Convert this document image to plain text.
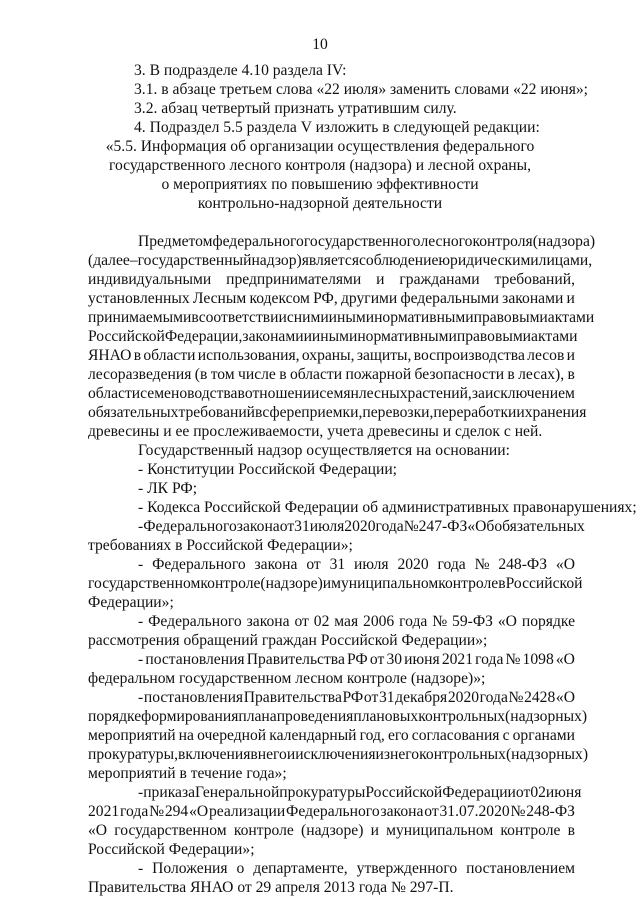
10
3. В подразделе 4.10 раздела IV:
3.1. в абзаце третьем слова «22 июля» заменить словами «22 июня»;
3.2. абзац четвертый признать утратившим силу.
4. Подраздел 5.5 раздела V изложить в следующей редакции:
«5.5. Информация об организации осуществления федерального
государственного лесного контроля (надзора) и лесной охраны,
о мероприятиях по повышению эффективности
контрольно-надзорной деятельности
Предметом федерального государственного лесного контроля (надзора)
(далее – государственный надзор) является соблюдение юридическими лицами,
индивидуальными предпринимателями и гражданами требований,
установленных Лесным кодексом РФ, другими федеральными законами и
принимаемыми в соответствии с ними иными нормативными правовыми актами
Российской Федерации, законами и иными нормативными правовыми актами
ЯНАО в области использования, охраны, защиты, воспроизводства лесов и
лесоразведения (в том числе в области пожарной безопасности в лесах), в
области семеноводства в отношении семян лесных растений, за исключением
обязательных требований в сфере приемки, перевозки, переработки и хранения
древесины и ее прослеживаемости, учета древесины и сделок с ней.
Государственный надзор осуществляется на основании:
- Конституции Российской Федерации;
- ЛК РФ;
- Кодекса Российской Федерации об административных правонарушениях;
- Федерального закона от 31 июля 2020 года № 247-ФЗ «Об обязательных
требованиях в Российской Федерации»;
- Федерального закона от 31 июля 2020 года № 248-ФЗ «О
государственном контроле (надзоре) и муниципальном контроле в Российской
Федерации»;
- Федерального закона от 02 мая 2006 года № 59-ФЗ «О порядке
рассмотрения обращений граждан Российской Федерации»;
- постановления Правительства РФ от 30 июня 2021 года № 1098 «О
федеральном государственном лесном контроле (надзоре)»;
- постановления Правительства РФ от 31 декабря 2020 года № 2428 «О
порядке формирования плана проведения плановых контрольных (надзорных)
мероприятий на очередной календарный год, его согласования с органами
прокуратуры, включения в него и исключения из него контрольных (надзорных)
мероприятий в течение года»;
- приказа Генеральной прокуратуры Российской Федерации от 02 июня
2021 года № 294 «О реализации Федерального закона от 31.07.2020 № 248-ФЗ
«О государственном контроле (надзоре) и муниципальном контроле в
Российской Федерации»;
- Положения о департаменте, утвержденного постановлением
Правительства ЯНАО от 29 апреля 2013 года № 297-П.
